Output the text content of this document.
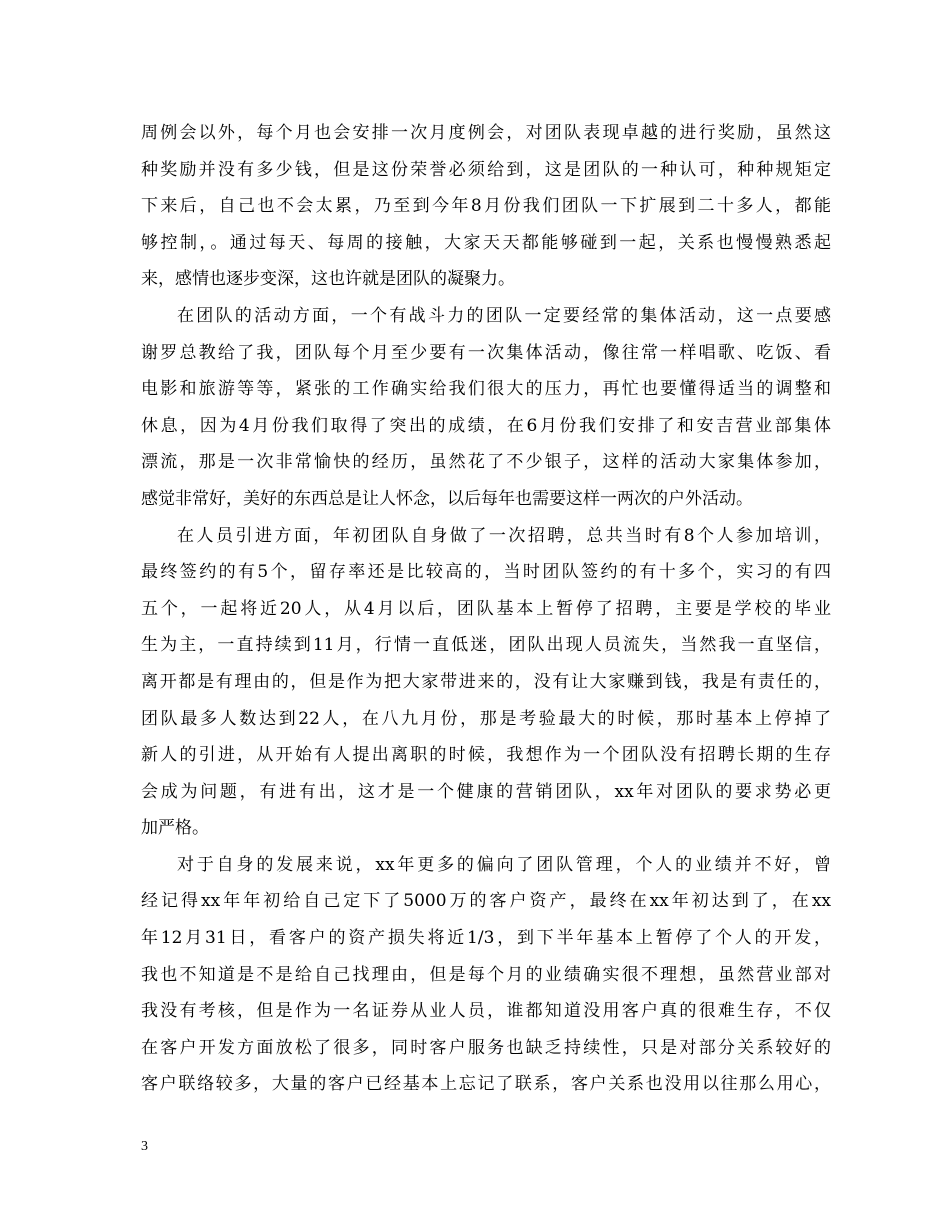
周例会以外，每个月也会安排一次月度例会，对团队表现卓越的进行奖励，虽然这
种奖励并没有多少钱，但是这份荣誉必须给到，这是团队的一种认可，种种规矩定
下来后，自己也不会太累，乃至到今年8月份我们团队一下扩展到二十多人，都能
够控制，。通过每天、每周的接触，大家天天都能够碰到一起，关系也慢慢熟悉起
来，感情也逐步变深，这也许就是团队的凝聚力。
在团队的活动方面，一个有战斗力的团队一定要经常的集体活动，这一点要感
谢罗总教给了我，团队每个月至少要有一次集体活动，像往常一样唱歌、吃饭、看
电影和旅游等等，紧张的工作确实给我们很大的压力，再忙也要懂得适当的调整和
休息，因为4月份我们取得了突出的成绩，在6月份我们安排了和安吉营业部集体
漂流，那是一次非常愉快的经历，虽然花了不少银子，这样的活动大家集体参加，
感觉非常好，美好的东西总是让人怀念，以后每年也需要这样一两次的户外活动。
在人员引进方面，年初团队自身做了一次招聘，总共当时有8个人参加培训，
最终签约的有5个，留存率还是比较高的，当时团队签约的有十多个，实习的有四
五个，一起将近20人，从4月以后，团队基本上暂停了招聘，主要是学校的毕业
生为主，一直持续到11月，行情一直低迷，团队出现人员流失，当然我一直坚信，
离开都是有理由的，但是作为把大家带进来的，没有让大家赚到钱，我是有责任的，
团队最多人数达到22人，在八九月份，那是考验最大的时候，那时基本上停掉了
新人的引进，从开始有人提出离职的时候，我想作为一个团队没有招聘长期的生存
会成为问题，有进有出，这才是一个健康的营销团队，xx年对团队的要求势必更
加严格。
对于自身的发展来说，xx年更多的偏向了团队管理，个人的业绩并不好，曾
经记得xx年年初给自己定下了5000万的客户资产，最终在xx年初达到了，在xx
年12月31日，看客户的资产损失将近1/3，到下半年基本上暂停了个人的开发，
我也不知道是不是给自己找理由，但是每个月的业绩确实很不理想，虽然营业部对
我没有考核，但是作为一名证券从业人员，谁都知道没用客户真的很难生存，不仅
在客户开发方面放松了很多，同时客户服务也缺乏持续性，只是对部分关系较好的
客户联络较多，大量的客户已经基本上忘记了联系，客户关系也没用以往那么用心，
3
